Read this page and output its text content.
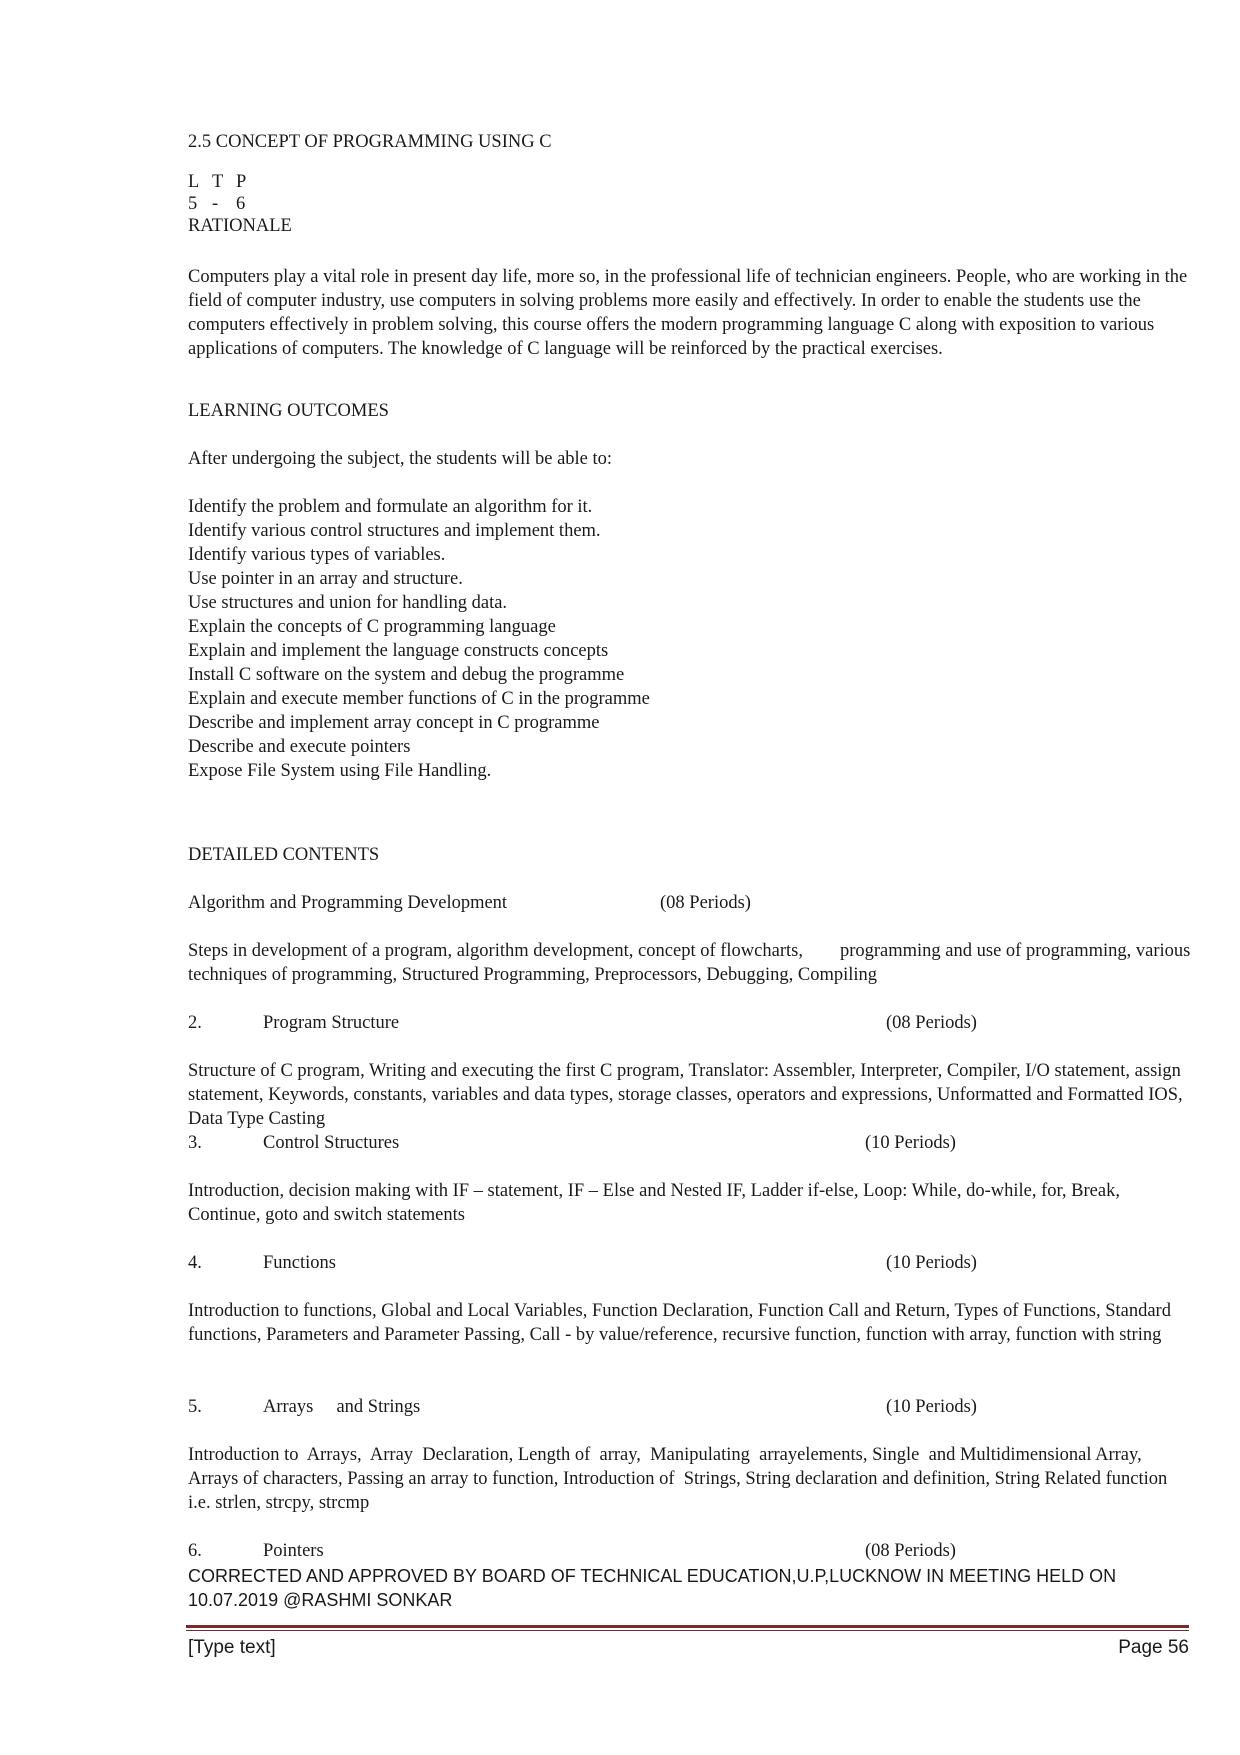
2.5 CONCEPT OF PROGRAMMING USING C
L T P
5 - 6
RATIONALE
Computers play a vital role in present day life, more so, in the professional life of technician engineers. People, who are working in the field of computer industry, use computers in solving problems more easily and effectively. In order to enable the students use the computers effectively in problem solving, this course offers the modern programming language C along with exposition to various applications of computers. The knowledge of C language will be reinforced by the practical exercises.
LEARNING OUTCOMES
After undergoing the subject, the students will be able to:
Identify the problem and formulate an algorithm for it.
Identify various control structures and implement them.
Identify various types of variables.
Use pointer in an array and structure.
Use structures and union for handling data.
Explain the concepts of C programming language
Explain and implement the language constructs concepts
Install C software on the system and debug the programme
Explain and execute member functions of C in the programme
Describe and implement array concept in C programme
Describe and execute pointers
Expose File System using File Handling.
DETAILED CONTENTS
Algorithm and Programming Development	(08 Periods)
Steps in development of a program, algorithm development, concept of flowcharts,        programming and use of programming, various techniques of programming, Structured Programming, Preprocessors, Debugging, Compiling
2.	Program Structure	(08 Periods)
Structure of C program, Writing and executing the first C program, Translator: Assembler, Interpreter, Compiler, I/O statement, assign statement, Keywords, constants, variables and data types, storage classes, operators and expressions, Unformatted and Formatted IOS, Data Type Casting
3.	Control Structures	(10 Periods)
Introduction, decision making with IF – statement, IF – Else and Nested IF, Ladder if-else, Loop: While, do-while, for, Break, Continue, goto and switch statements
4.	Functions	(10 Periods)
Introduction to functions, Global and Local Variables, Function Declaration, Function Call and Return, Types of Functions, Standard functions, Parameters and Parameter Passing, Call - by value/reference, recursive function, function with array, function with string
5.	Arrays     and Strings	(10 Periods)
Introduction to  Arrays,  Array  Declaration, Length of  array,  Manipulating  arrayelements, Single  and Multidimensional Array, Arrays of characters, Passing an array to function, Introduction of  Strings, String declaration and definition, String Related function i.e. strlen, strcpy, strcmp
6.	Pointers	(08 Periods)
CORRECTED AND APPROVED BY BOARD OF TECHNICAL EDUCATION,U.P,LUCKNOW IN MEETING HELD ON 10.07.2019 @RASHMI SONKAR
[Type text]	Page 56
